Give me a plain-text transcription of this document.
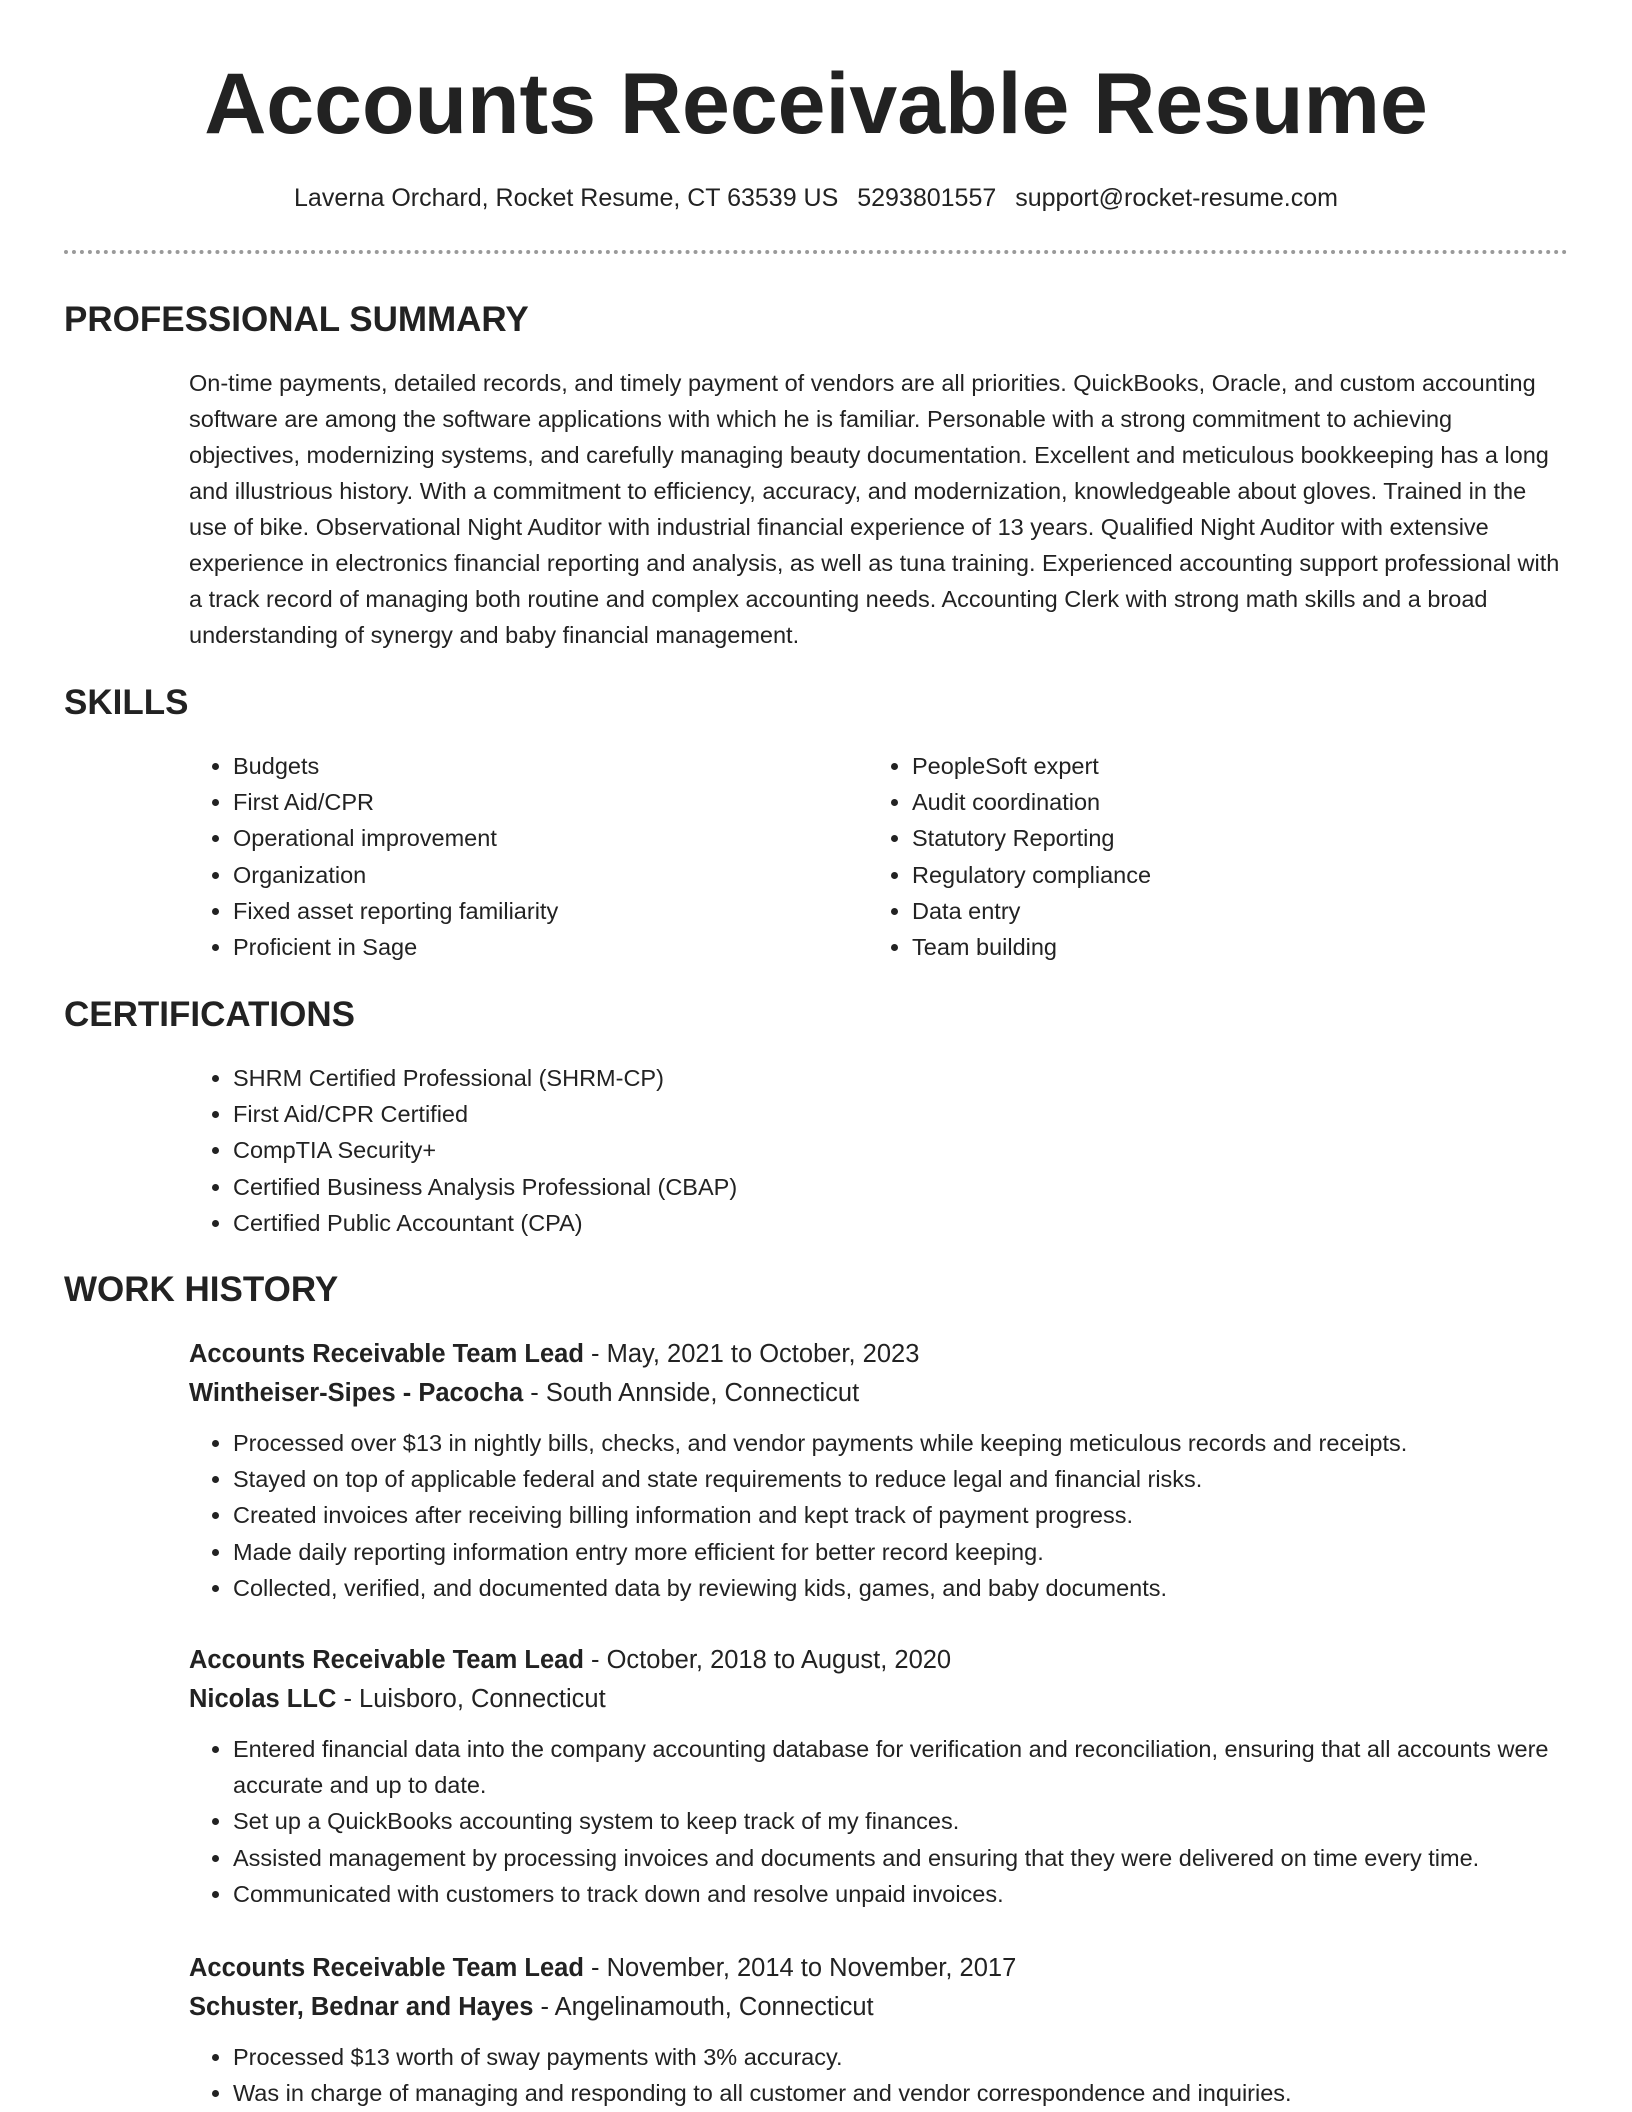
Accounts Receivable Resume
Laverna Orchard, Rocket Resume, CT 63539 US 5293801557 support@rocket-resume.com
PROFESSIONAL SUMMARY

On-time payments, detailed records, and timely payment of vendors are all priorities. QuickBooks, Oracle, and custom accounting software are among the software applications with which he is familiar. Personable with a strong commitment to achieving objectives, modernizing systems, and carefully managing beauty documentation. Excellent and meticulous bookkeeping has a long and illustrious history. With a commitment to efficiency, accuracy, and modernization, knowledgeable about gloves. Trained in the use of bike. Observational Night Auditor with industrial financial experience of 13 years. Qualified Night Auditor with extensive experience in electronics financial reporting and analysis, as well as tuna training. Experienced accounting support professional with a track record of managing both routine and complex accounting needs. Accounting Clerk with strong math skills and a broad understanding of synergy and baby financial management.

SKILLS
• Budgets
• First Aid/CPR
• Operational improvement
• Organization
• Fixed asset reporting familiarity
• Proficient in Sage
• PeopleSoft expert
• Audit coordination
• Statutory Reporting
• Regulatory compliance
• Data entry
• Team building
CERTIFICATIONS
• SHRM Certified Professional (SHRM-CP)
• First Aid/CPR Certified
• CompTIA Security+
• Certified Business Analysis Professional (CBAP)
• Certified Public Accountant (CPA)
WORK HISTORY
Accounts Receivable Team Lead - May, 2021 to October, 2023
Wintheiser-Sipes - Pacocha - South Annside, Connecticut
• Processed over $13 in nightly bills, checks, and vendor payments while keeping meticulous records and receipts.
• Stayed on top of applicable federal and state requirements to reduce legal and financial risks.
• Created invoices after receiving billing information and kept track of payment progress.
• Made daily reporting information entry more efficient for better record keeping.
• Collected, verified, and documented data by reviewing kids, games, and baby documents.
Accounts Receivable Team Lead - October, 2018 to August, 2020
Nicolas LLC - Luisboro, Connecticut
• Entered financial data into the company accounting database for verification and reconciliation, ensuring that all accounts were accurate and up to date.
• Set up a QuickBooks accounting system to keep track of my finances.
• Assisted management by processing invoices and documents and ensuring that they were delivered on time every time.
• Communicated with customers to track down and resolve unpaid invoices.
Accounts Receivable Team Lead - November, 2014 to November, 2017
Schuster, Bednar and Hayes - Angelinamouth, Connecticut
• Processed $13 worth of sway payments with 3% accuracy.
• Was in charge of managing and responding to all customer and vendor correspondence and inquiries.
